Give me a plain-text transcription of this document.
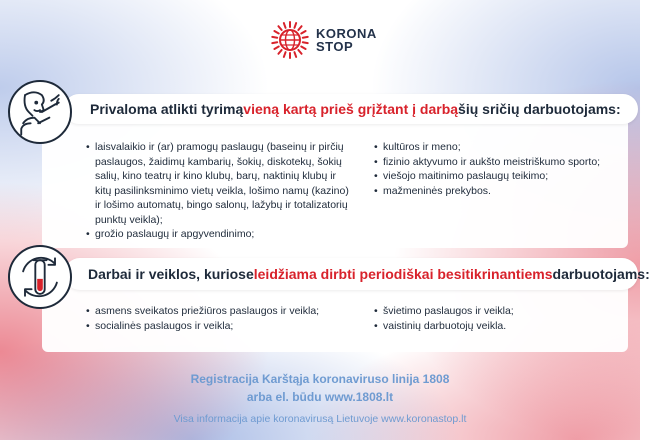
KORONA
STOP
Privaloma atlikti tyrimą vieną kartą prieš grįžtant į darbą šių sričių darbuotojams:
• laisvalaikio ir (ar) pramogų paslaugų (baseinų ir pirčių paslaugos, žaidimų kambarių, šokių, diskotekų, šokių salių, kino teatrų ir kino klubų, barų, naktinių klubų ir kitų pasilinksminimo vietų veikla, lošimo namų (kazino) ir lošimo automatų, bingo salonų, lažybų ir totalizatorių punktų veikla);
• grožio paslaugų ir apgyvendinimo;
• kultūros ir meno;
• fizinio aktyvumo ir aukšto meistriškumo sporto;
• viešojo maitinimo paslaugų teikimo;
• mažmeninės prekybos.
Darbai ir veiklos, kuriose leidžiama dirbti periodiškai besitikrinantiems darbuotojams:
• asmens sveikatos priežiūros paslaugos ir veikla;
• socialinės paslaugos ir veikla;
• švietimo paslaugos ir veikla;
• vaistinių darbuotojų veikla.
Registracija Karštąja koronaviruso linija 1808
arba el. būdu www.1808.lt
Visa informacija apie koronavirusą Lietuvoje www.koronastop.lt
